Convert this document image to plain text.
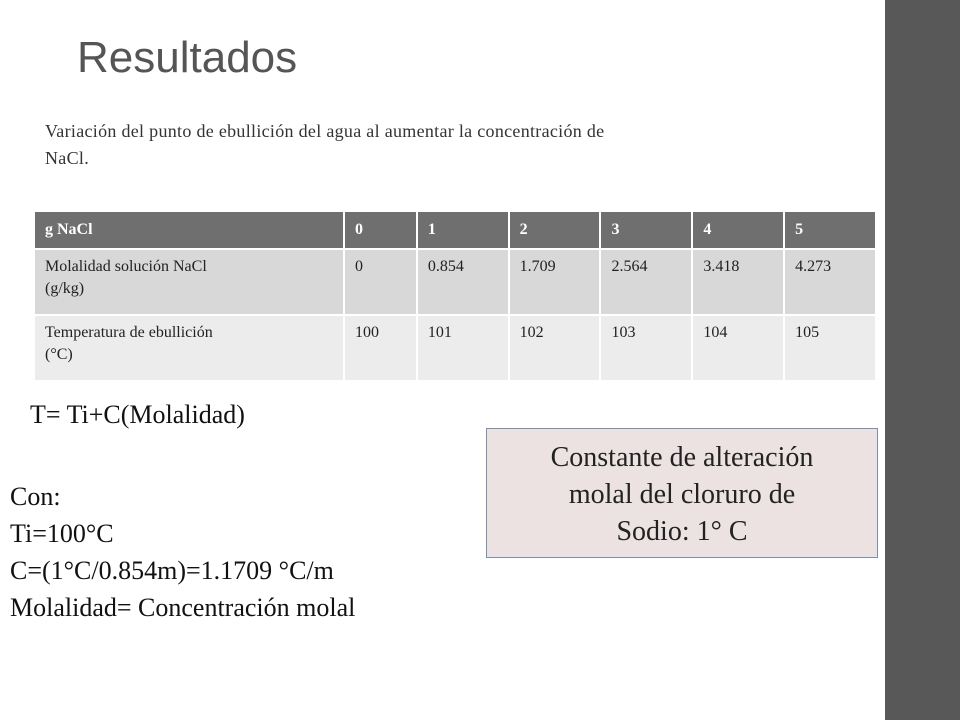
Resultados
Variación del punto de ebullición del agua al aumentar la concentración de
NaCl.
g NaCl	0	1	2	3	4	5

Molalidad solución NaCl
(g/kg)	0	0.854	1.709	2.564	3.418	4.273

Temperatura de ebullición
(°C)	100	101	102	103	104	105
T= Ti+C(Molalidad)
Con:
Ti=100°C
C=(1°C/0.854m)=1.1709 °C/m
Molalidad= Concentración molal
Constante de alteración
molal del cloruro de
Sodio: 1° C
